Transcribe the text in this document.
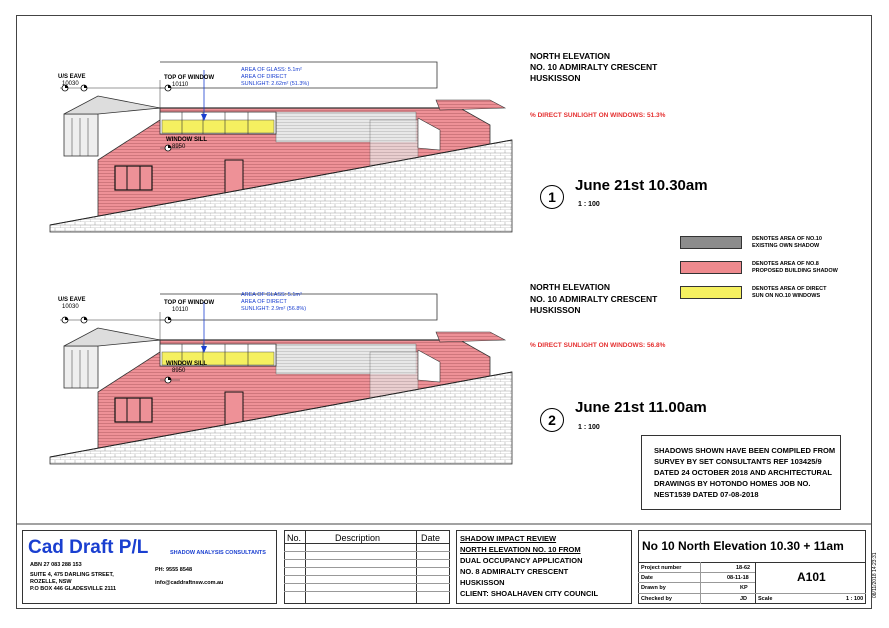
U/S EAVE
10030
TOP OF WINDOW
10110
WINDOW SILL
8950
AREA OF GLASS: 5.1m²
AREA OF DIRECT
SUNLIGHT: 2.62m² (51.3%)
NORTH ELEVATION
NO. 10 ADMIRALTY CRESCENT
HUSKISSON
% DIRECT SUNLIGHT ON WINDOWS: 51.3%
1
June 21st 10.30am
1 : 100
U/S EAVE
10030
TOP OF WINDOW
10110
WINDOW SILL
8950
AREA OF GLASS: 5.1m²
AREA OF DIRECT
SUNLIGHT: 2.9m² (56.8%)
NORTH ELEVATION
NO. 10 ADMIRALTY CRESCENT
HUSKISSON
% DIRECT SUNLIGHT ON WINDOWS: 56.8%
2
June 21st 11.00am
1 : 100
DENOTES AREA OF NO.10
EXISTING OWN SHADOW
DENOTES AREA OF NO.8
PROPOSED BUILDING SHADOW
DENOTES AREA OF DIRECT
SUN ON NO.10 WINDOWS
SHADOWS SHOWN HAVE BEEN COMPILED FROM
SURVEY BY SET CONSULTANTS REF 103425/9
DATED 24 OCTOBER 2018 AND ARCHITECTURAL
DRAWINGS BY HOTONDO HOMES JOB NO.
NEST1539 DATED 07-08-2018
Cad Draft P/L	SHADOW ANALYSIS CONSULTANTS
ABN 27 083 288 153
SUITE 4, 475 DARLING STREET,
ROZELLE, NSW
P.O BOX 446 GLADESVILLE 2111
PH: 9555 8548
info@caddraftnsw.com.au
No.	Description	Date	SHADOW IMPACT REVIEW
NORTH ELEVATION NO. 10 FROM
DUAL OCCUPANCY APPLICATION
NO. 8 ADMIRALTY CRESCENT
HUSKISSON
CLIENT: SHOALHAVEN CITY COUNCIL
No 10 North Elevation 10.30 + 11am
Project number	18-62
Date	08-11-18
Drawn by	KP
Checked by	JD
A101
Scale	1 : 100
08/11/2018 14:23:31
